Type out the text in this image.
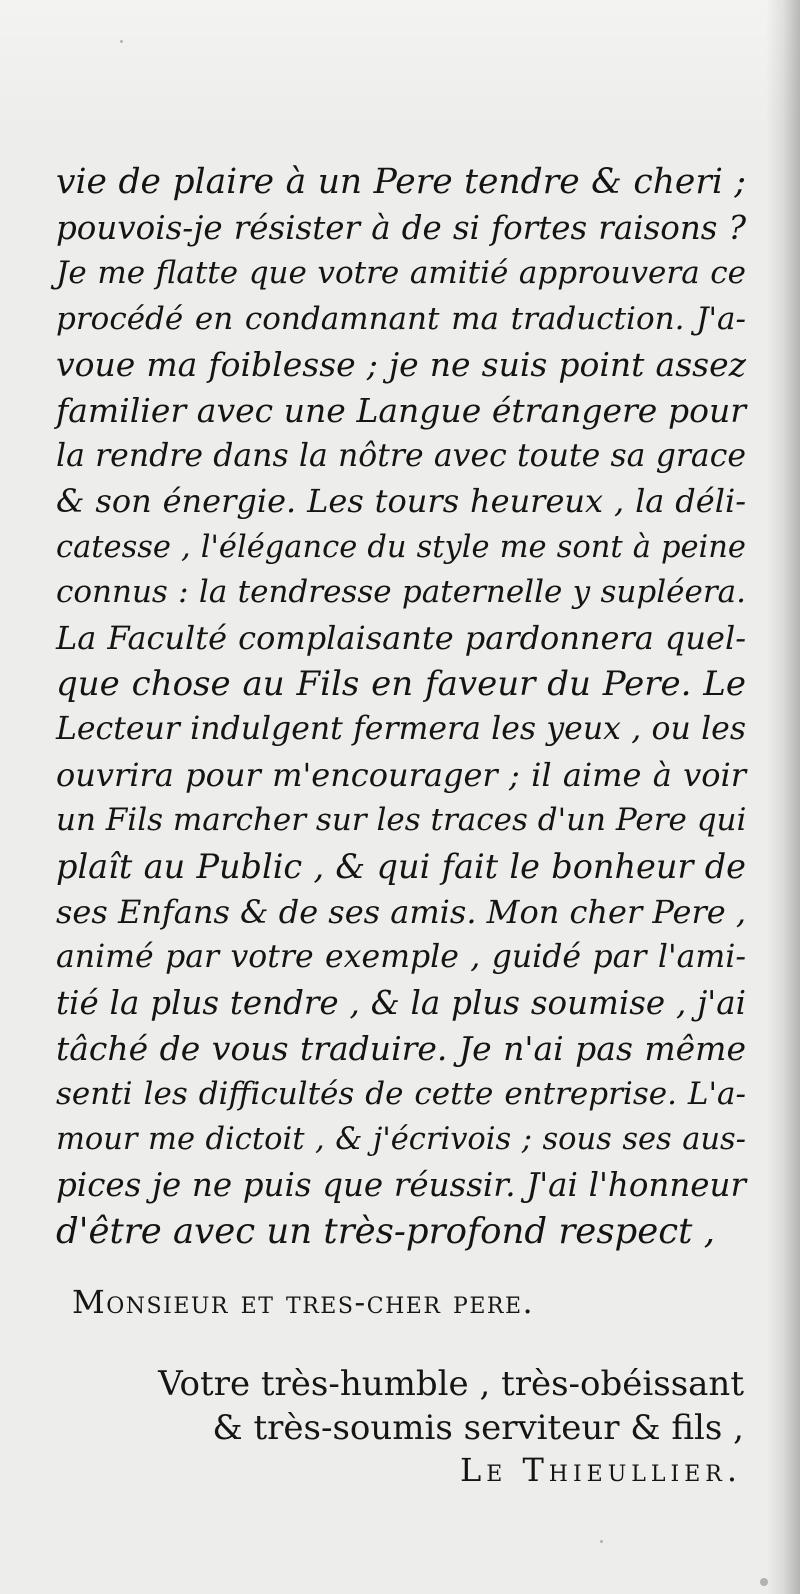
vie de plaire à un Pere tendre & cheri ;
pouvois-je résister à de si fortes raisons ?
Je me flatte que votre amitié approuvera ce
procédé en condamnant ma traduction. J'a-
voue ma foiblesse ; je ne suis point assez
familier avec une Langue étrangere pour
la rendre dans la nôtre avec toute sa grace
& son énergie. Les tours heureux , la déli-
catesse , l'élégance du style me sont à peine
connus : la tendresse paternelle y supléera.
La Faculté complaisante pardonnera quel-
que chose au Fils en faveur du Pere. Le
Lecteur indulgent fermera les yeux , ou les
ouvrira pour m'encourager ; il aime à voir
un Fils marcher sur les traces d'un Pere qui
plaît au Public , & qui fait le bonheur de
ses Enfans & de ses amis. Mon cher Pere ,
animé par votre exemple , guidé par l'ami-
tié la plus tendre , & la plus soumise , j'ai
tâché de vous traduire. Je n'ai pas même
senti les difficultés de cette entreprise. L'a-
mour me dictoit , & j'écrivois ; sous ses aus-
pices je ne puis que réussir. J'ai l'honneur
d'être avec un très-profond respect ,
Monsieur et tres-cher pere.
Votre très-humble , très-obéissant
& très-soumis serviteur & fils ,
Le Thieullier.
